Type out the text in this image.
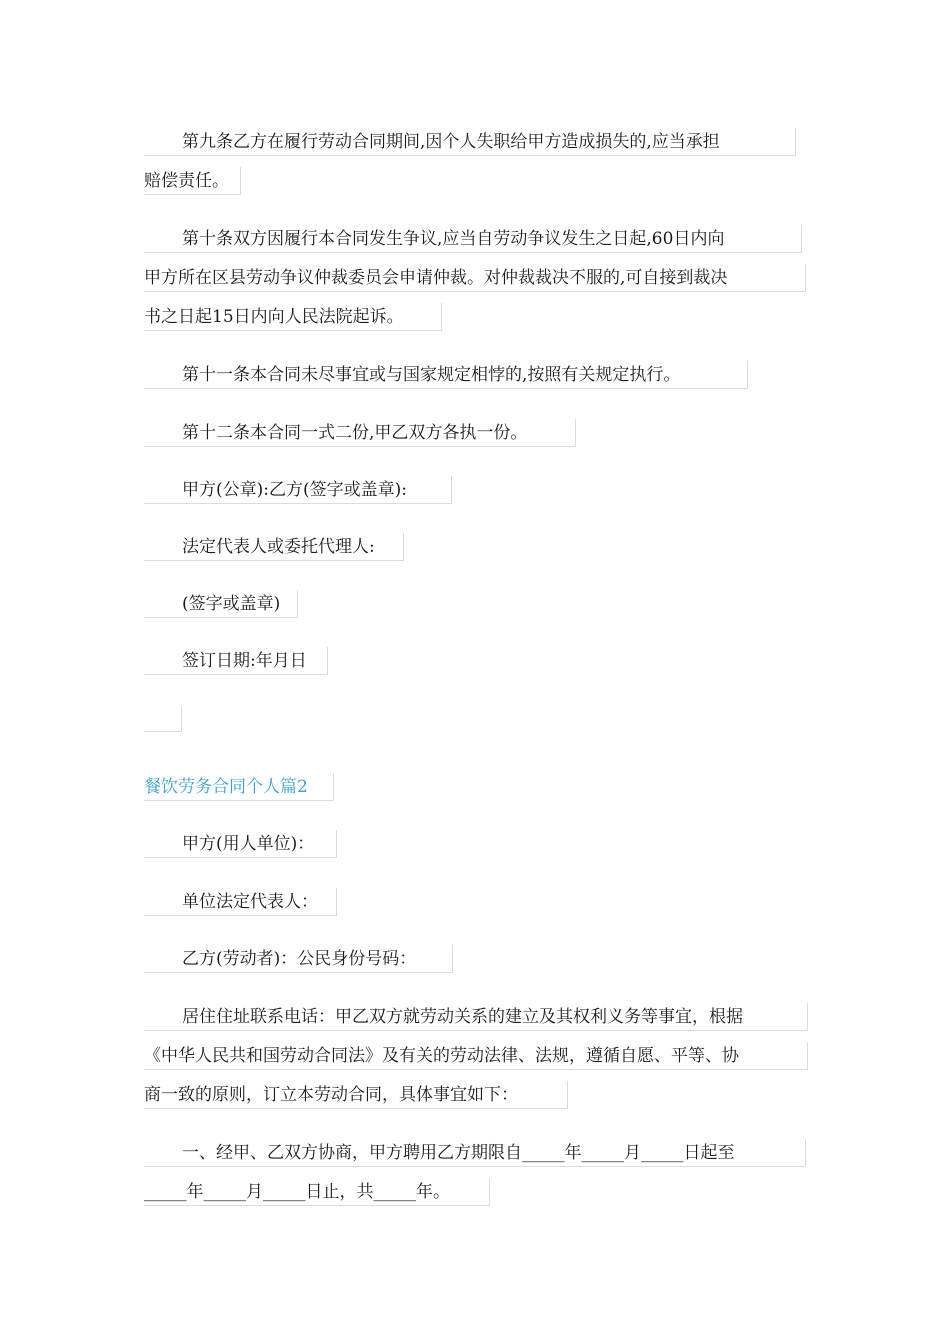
第九条乙方在履行劳动合同期间,因个人失职给甲方造成损失的,应当承担
赔偿责任。
第十条双方因履行本合同发生争议,应当自劳动争议发生之日起,60日内向
甲方所在区县劳动争议仲裁委员会申请仲裁。对仲裁裁决不服的,可自接到裁决
书之日起15日内向人民法院起诉。
第十一条本合同未尽事宜或与国家规定相悖的,按照有关规定执行。
第十二条本合同一式二份,甲乙双方各执一份。
甲方(公章):乙方(签字或盖章):
法定代表人或委托代理人:
(签字或盖章)
签订日期:年月日
餐饮劳务合同个人篇2
甲方(用人单位)：
单位法定代表人：
乙方(劳动者)：公民身份号码：
居住住址联系电话：甲乙双方就劳动关系的建立及其权利义务等事宜，根据
《中华人民共和国劳动合同法》及有关的劳动法律、法规，遵循自愿、平等、协
商一致的原则，订立本劳动合同，具体事宜如下：
一、经甲、乙双方协商，甲方聘用乙方期限自_____年_____月_____日起至
_____年_____月_____日止，共_____年。
